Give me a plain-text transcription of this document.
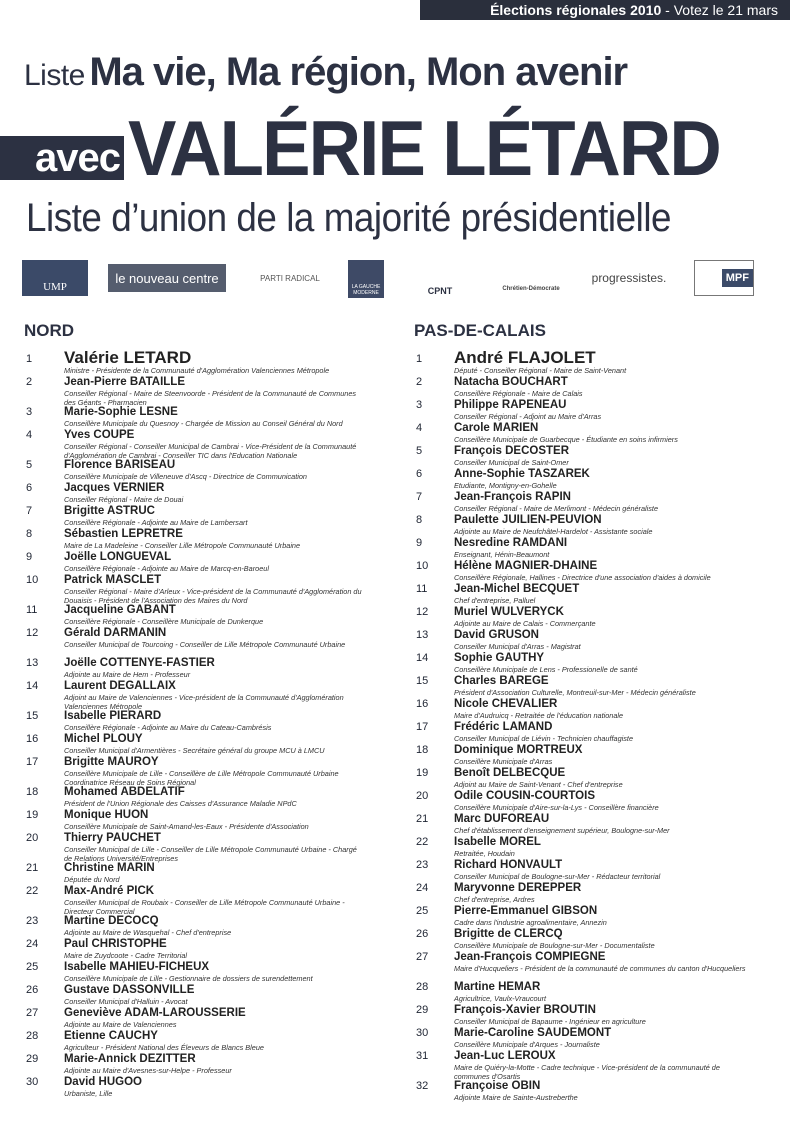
Élections régionales 2010 - Votez le 21 mars
Liste Ma vie, Ma région, Mon avenir
avec VALÉRIE LÉTARD
Liste d’union de la majorité présidentielle
UMP
le nouveau centre	PARTI RADICAL
LA GAUCHE MODERNE	CPNT	Chrétien-Démocrate
progressistes.	MPF
NORD	PAS-DE-CALAIS
1	Valérie LETARD
Ministre - Présidente de la Communauté d'Agglomération Valenciennes Métropole
2	Jean-Pierre BATAILLE
Conseiller Régional - Maire de Steenvoorde - Président de la Communauté de Communes des Géants - Pharmacien
3	Marie-Sophie LESNE
Conseillère Municipale du Quesnoy - Chargée de Mission au Conseil Général du Nord
4	Yves COUPE
Conseiller Régional - Conseiller Municipal de Cambrai - Vice-Président de la Communauté d'Agglomération de Cambrai - Conseiller TIC dans l'Education Nationale
5	Florence BARISEAU
Conseillère Municipale de Villeneuve d'Ascq - Directrice de Communication
6	Jacques VERNIER
Conseiller Régional - Maire de Douai
7	Brigitte ASTRUC
Conseillère Régionale - Adjointe au Maire de Lambersart
8	Sébastien LEPRETRE
Maire de La Madeleine - Conseiller Lille Métropole Communauté Urbaine
9	Joëlle LONGUEVAL
Conseillère Régionale - Adjointe au Maire de Marcq-en-Baroeul
10	Patrick MASCLET
Conseiller Régional - Maire d'Arleux - Vice-président de la Communauté d'Agglomération du Douaisis - Président de l'Association des Maires du Nord
11	Jacqueline GABANT
Conseillère Régionale - Conseillère Municipale de Dunkerque
12	Gérald DARMANIN
Conseiller Municipal de Tourcoing - Conseiller de Lille Métropole Communauté Urbaine
13	Joëlle COTTENYE-FASTIER
Adjointe au Maire de Hem - Professeur
14	Laurent DEGALLAIX
Adjoint au Maire de Valenciennes - Vice-président de la Communauté d'Agglomération Valenciennes Métropole
15	Isabelle PIERARD
Conseillère Régionale - Adjointe au Maire du Cateau-Cambrésis
16	Michel PLOUY
Conseiller Municipal d'Armentières - Secrétaire général du groupe MCU à LMCU
17	Brigitte MAUROY
Conseillère Municipale de Lille - Conseillère de Lille Métropole Communauté Urbaine Coordinatrice Réseau de Soins Régional
18	Mohamed ABDELATIF
Président de l'Union Régionale des Caisses d'Assurance Maladie NPdC
19	Monique HUON
Conseillère Municipale de Saint-Amand-les-Eaux - Présidente d'Association
20	Thierry PAUCHET
Conseiller Municipal de Lille - Conseiller de Lille Métropole Communauté Urbaine - Chargé de Relations Université/Entreprises
21	Christine MARIN
Députée du Nord
22	Max-André PICK
Conseiller Municipal de Roubaix - Conseiller de Lille Métropole Communauté Urbaine - Directeur Commercial
23	Martine DECOCQ
Adjointe au Maire de Wasquehal - Chef d'entreprise
24	Paul CHRISTOPHE
Maire de Zuydcoote - Cadre Territorial
25	Isabelle MAHIEU-FICHEUX
Conseillère Municipale de Lille - Gestionnaire de dossiers de surendettement
26	Gustave DASSONVILLE
Conseiller Municipal d'Halluin - Avocat
27	Geneviève ADAM-LAROUSSERIE
Adjointe au Maire de Valenciennes
28	Etienne CAUCHY
Agriculteur - Président National des Éleveurs de Blancs Bleue
29	Marie-Annick DEZITTER
Adjointe au Maire d'Avesnes-sur-Helpe - Professeur
30	David HUGOO
Urbaniste, Lille
1	André FLAJOLET
Député - Conseiller Régional - Maire de Saint-Venant
2	Natacha BOUCHART
Conseillère Régionale - Maire de Calais
3	Philippe RAPENEAU
Conseiller Régional - Adjoint au Maire d'Arras
4	Carole MARIEN
Conseillère Municipale de Guarbecque - Étudiante en soins infirmiers
5	François DECOSTER
Conseiller Municipal de Saint-Omer
6	Anne-Sophie TASZAREK
Etudiante, Montigny-en-Gohelle
7	Jean-François RAPIN
Conseiller Régional - Maire de Merlimont - Médecin généraliste
8	Paulette JUILIEN-PEUVION
Adjointe au Maire de Neufchâtel-Hardelot - Assistante sociale
9	Nesredine RAMDANI
Enseignant, Hénin-Beaumont
10	Hélène MAGNIER-DHAINE
Conseillère Régionale, Hallines - Directrice d'une association d'aides à domicile
11	Jean-Michel BECQUET
Chef d'entreprise, Palluel
12	Muriel WULVERYCK
Adjointe au Maire de Calais - Commerçante
13	David GRUSON
Conseiller Municipal d'Arras - Magistrat
14	Sophie GAUTHY
Conseillère Municipale de Lens - Professionelle de santé
15	Charles BAREGE
Président d'Association Culturelle, Montreuil-sur-Mer - Médecin généraliste
16	Nicole CHEVALIER
Maire d'Audruicq - Retraitée de l'éducation nationale
17	Frédéric LAMAND
Conseiller Municipal de Liévin - Technicien chauffagiste
18	Dominique MORTREUX
Conseillère Municipale d'Arras
19	Benoît DELBECQUE
Adjoint au Maire de Saint-Venant - Chef d'entreprise
20	Odile COUSIN-COURTOIS
Conseillère Municipale d'Aire-sur-la-Lys - Conseillère financière
21	Marc DUFOREAU
Chef d'établissement d'enseignement supérieur, Boulogne-sur-Mer
22	Isabelle MOREL
Retraitée, Houdain
23	Richard HONVAULT
Conseiller Municipal de Boulogne-sur-Mer - Rédacteur territorial
24	Maryvonne DEREPPER
Chef d'entreprise, Ardres
25	Pierre-Emmanuel GIBSON
Cadre dans l'industrie agroalimentaire, Annezin
26	Brigitte de CLERCQ
Conseillère Municipale de Boulogne-sur-Mer - Documentaliste
27	Jean-François COMPIEGNE
Maire d'Hucqueliers - Président de la communauté de communes du canton d'Hucqueliers
28	Martine HEMAR
Agricultrice, Vaulx-Vraucourt
29	François-Xavier BROUTIN
Conseiller Municipal de Bapaume - Ingénieur en agriculture
30	Marie-Caroline SAUDEMONT
Conseillère Municipale d'Arques - Journaliste
31	Jean-Luc LEROUX
Maire de Quiéry-la-Motte - Cadre technique - Vice-président de la communauté de communes d'Osartis
32	Françoise OBIN
Adjointe Maire de Sainte-Austreberthe
